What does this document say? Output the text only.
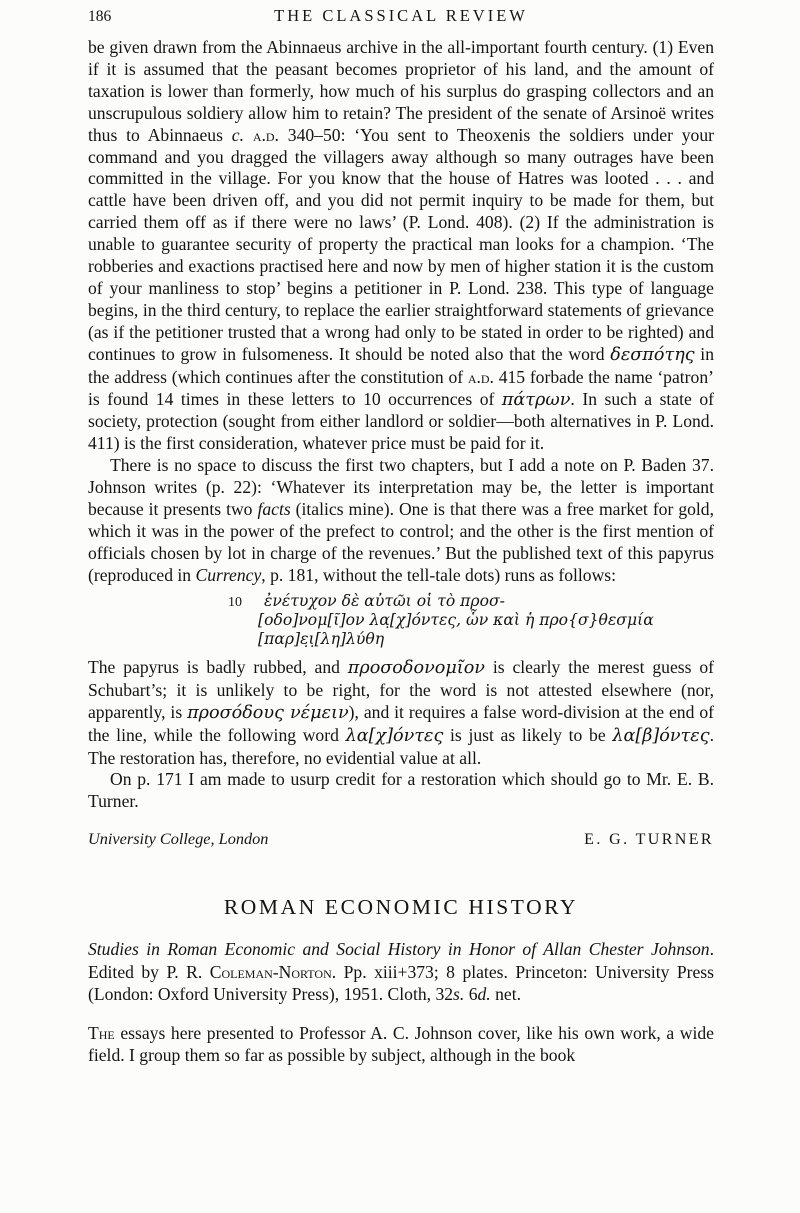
186	THE CLASSICAL REVIEW

be given drawn from the Abinnaeus archive in the all-important fourth century. (1) Even if it is assumed that the peasant becomes proprietor of his land, and the amount of taxation is lower than formerly, how much of his surplus do grasping collectors and an unscrupulous soldiery allow him to retain? The president of the senate of Arsinoë writes thus to Abinnaeus c. a.d. 340–50: ‘You sent to Theoxenis the soldiers under your command and you dragged the villagers away although so many outrages have been committed in the village. For you know that the house of Hatres was looted . . . and cattle have been driven off, and you did not permit inquiry to be made for them, but carried them off as if there were no laws’ (P. Lond. 408). (2) If the administration is unable to guarantee security of property the practical man looks for a champion. ‘The robberies and exactions practised here and now by men of higher station it is the custom of your manliness to stop’ begins a petitioner in P. Lond. 238. This type of language begins, in the third century, to replace the earlier straightforward statements of grievance (as if the petitioner trusted that a wrong had only to be stated in order to be righted) and continues to grow in fulsomeness. It should be noted also that the word δεσπότης in the address (which continues after the constitution of a.d. 415 forbade the name ‘patron’ is found 14 times in these letters to 10 occurrences of πάτρων. In such a state of society, protection (sought from either landlord or soldier—both alternatives in P. Lond. 411) is the first consideration, whatever price must be paid for it.

There is no space to discuss the first two chapters, but I add a note on P. Baden 37. Johnson writes (p. 22): ‘Whatever its interpretation may be, the letter is important because it presents two facts (italics mine). One is that there was a free market for gold, which it was in the power of the prefect to control; and the other is the first mention of officials chosen by lot in charge of the revenues.’ But the published text of this papyrus (reproduced in Currency, p. 181, without the tell-tale dots) runs as follows:

10	ἐνέτυχον δὲ αὐτῶι οἱ τὸ προσ-
[οδο]νομ[ῖ]ον λα̣[χ]όντες, ὧν καὶ ἡ προ{σ}θεσμία
[παρ]ε̣ι̣[λη]λύθη

The papyrus is badly rubbed, and προσοδονομῖον is clearly the merest guess of Schubart’s; it is unlikely to be right, for the word is not attested elsewhere (nor, apparently, is προσόδους νέμειν), and it requires a false word-division at the end of the line, while the following word λα[χ]όντες is just as likely to be λα[β]όντες. The restoration has, therefore, no evidential value at all.

On p. 171 I am made to usurp credit for a restoration which should go to Mr. E. B. Turner.

University College, London	E. G. TURNER
ROMAN ECONOMIC HISTORY

Studies in Roman Economic and Social History in Honor of Allan Chester Johnson. Edited by P. R. Coleman-Norton. Pp. xiii+373; 8 plates. Princeton: University Press (London: Oxford University Press), 1951. Cloth, 32s. 6d. net.

The essays here presented to Professor A. C. Johnson cover, like his own work, a wide field. I group them so far as possible by subject, although in the book
